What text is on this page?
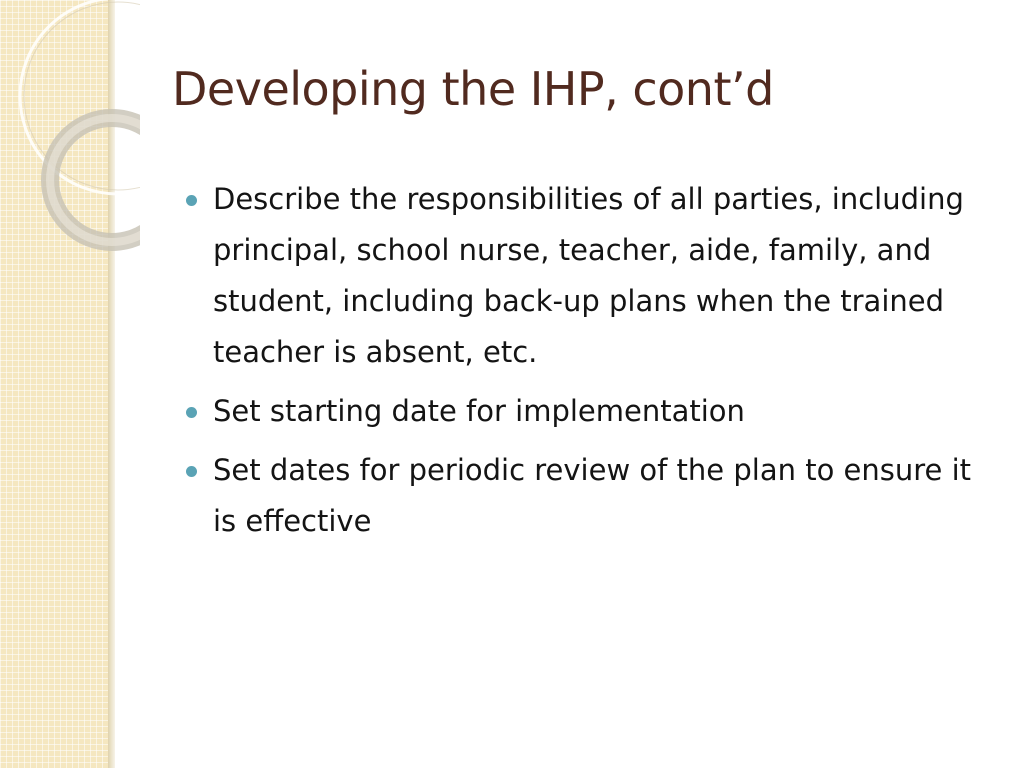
Developing the IHP, cont’d
Describe the responsibilities of all parties, including principal, school nurse, teacher, aide, family, and student, including back-up plans when the trained teacher is absent, etc.
Set starting date for implementation
Set dates for periodic review of the plan to ensure it is effective
